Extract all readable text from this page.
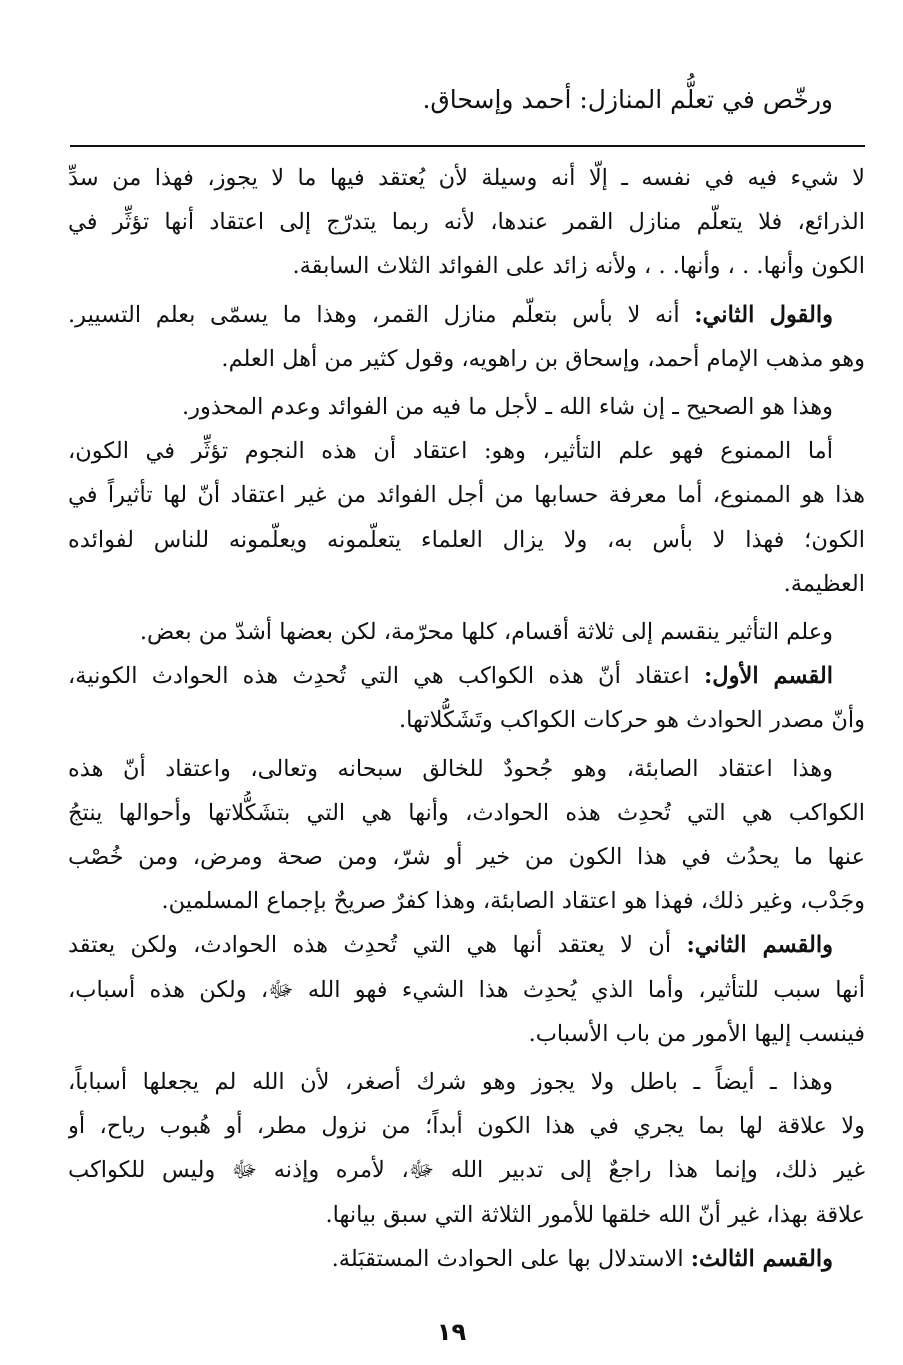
ورخّص في تعلُّم المنازل: أحمد وإسحاق.

لا شيء فيه في نفسه ـ إلّا أنه وسيلة لأن يُعتقد فيها ما لا يجوز، فهذا من سدِّ

الذرائع، فلا يتعلّم منازل القمر عندها، لأنه ربما يتدرّج إلى اعتقاد أنها تؤثِّر في

الكون وأنها. . ، وأنها. . ، ولأنه زائد على الفوائد الثلاث السابقة.

والقول الثاني: أنه لا بأس بتعلّم منازل القمر، وهذا ما يسمّى بعلم التسيير.

وهو مذهب الإمام أحمد، وإسحاق بن راهويه، وقول كثير من أهل العلم.

وهذا هو الصحيح ـ إن شاء الله ـ لأجل ما فيه من الفوائد وعدم المحذور.

أما الممنوع فهو علم التأثير، وهو: اعتقاد أن هذه النجوم تؤثِّر في الكون،

هذا هو الممنوع، أما معرفة حسابها من أجل الفوائد من غير اعتقاد أنّ لها تأثيراً في

الكون؛ فهذا لا بأس به، ولا يزال العلماء يتعلّمونه ويعلّمونه للناس لفوائده

العظيمة.

وعلم التأثير ينقسم إلى ثلاثة أقسام، كلها محرّمة، لكن بعضها أشدّ من بعض.

القسم الأول: اعتقاد أنّ هذه الكواكب هي التي تُحدِث هذه الحوادث الكونية،

وأنّ مصدر الحوادث هو حركات الكواكب وتَشَكُّلاتها.

وهذا اعتقاد الصابئة، وهو جُحودٌ للخالق سبحانه وتعالى، واعتقاد أنّ هذه

الكواكب هي التي تُحدِث هذه الحوادث، وأنها هي التي بتشَكُّلاتها وأحوالها ينتجُ

عنها ما يحدُث في هذا الكون من خير أو شرّ، ومن صحة ومرض، ومن خُصْب

وجَدْب، وغير ذلك، فهذا هو اعتقاد الصابئة، وهذا كفرٌ صريحٌ بإجماع المسلمين.

والقسم الثاني: أن لا يعتقد أنها هي التي تُحدِث هذه الحوادث، ولكن يعتقد

أنها سبب للتأثير، وأما الذي يُحدِث هذا الشيء فهو الله ﷻ، ولكن هذه أسباب،

فينسب إليها الأمور من باب الأسباب.

وهذا ـ أيضاً ـ باطل ولا يجوز وهو شرك أصغر، لأن الله لم يجعلها أسباباً،

ولا علاقة لها بما يجري في هذا الكون أبداً؛ من نزول مطر، أو هُبوب رياح، أو

غير ذلك، وإنما هذا راجعٌ إلى تدبير الله ﷻ، لأمره وإذنه ﷻ وليس للكواكب

علاقة بهذا، غير أنّ الله خلقها للأمور الثلاثة التي سبق بيانها.

والقسم الثالث: الاستدلال بها على الحوادث المستقبَلة.

١٩
